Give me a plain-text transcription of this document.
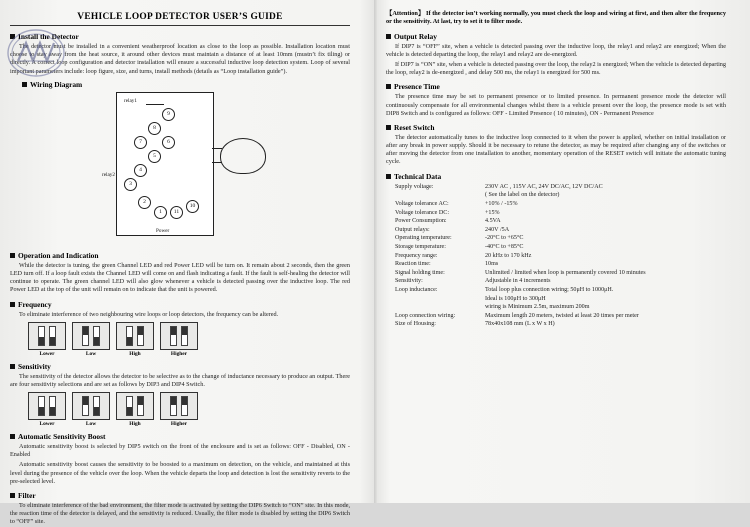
VEHICLE LOOP DETECTOR USER’S GUIDE
Install the Detector

The detector must be installed in a convenient weatherproof location as close to the loop as possible. Installation location must choose to stay away from the heat source, it around other devices must maintain a distance of at least 10mm (mustn’t fix tiling) or directly. A correct loop configuration and detector installation will ensure a successful inductive loop detection system. Loop of several important parameters include: loop figure, size, and turns, install methods (details as “Loop installation guide”).

Wiring Diagram
9
8
7	6
5
4
3
2
1	11
10
relay1
relay2
Power
Operation and Indication

While the detector is tuning, the green Channel LED and red Power LED will be turn on. It remain about 2 seconds, then the green LED turn off. If a loop fault exists the Channel LED will come on and flash indicating a fault. If the fault is self-healing the detector will continue to operate. The green channel LED will also glow whenever a vehicle is detected passing over the inductive loop. The red Power LED at the top of the unit will remain on to indicate that the unit is powered.

Frequency

To eliminate interference of two neighbouring wire loops or loop detectors, the frequency can be altered.

Lower	Low	High	Higher
Sensitivity

The sensitivity of the detector allows the detector to be selective as to the change of inductance necessary to produce an output. There are four sensitivity selections and are set as follows by DIP3 and DIP4 Switch.

Lower	Low	High	Higher
Automatic Sensitivity Boost

Automatic sensitivity boost is selected by DIP5 switch on the front of the enclosure and is set as follows: OFF - Disabled, ON - Enabled

Automatic sensitivity boost causes the sensitivity to be boosted to a maximum on detection, on the vehicle, and maintained at this level during the presence of the vehicle over the loop. When the vehicle departs the loop and detection is lost the sensitivity reverts to the pre-selected level.

Filter

To eliminate interference of the bad environment, the filter mode is activated by setting the DIP6 Switch to “ON” site. In this mode, the reaction time of the detector is delayed, and the sensitivity is reduced. Usually, the filter mode is disabled by setting the DIP6 Switch to “OFF” site.

【Attention】 If the detector isn’t working normally, you must check the loop and wiring at first, and then alter the frequency or the sensitivity. At last, try to set it to filter mode.

Output Relay

If DIP7 is “OFF” site, when a vehicle is detected passing over the inductive loop, the relay1 and relay2 are energized; When the vehicle is detected departing the loop, the relay1 and relay2 are de-energized.

If DIP7 is “ON” site, when a vehicle is detected passing over the loop, the relay2 is energized; When the vehicle is detected departing the loop, relay2 is de-energized , and delay 500 ms, the relay1 is energized for 500 ms.

Presence Time

The presence time may be set to permanent presence or to limited presence. In permanent presence mode the detector will continuously compensate for all environmental changes whilst there is a vehicle present over the loop, the presence mode is set with DIP8 Switch and is configured as follows: OFF - Limited Presence ( 10 minutes), ON - Permanent Presence

Reset Switch

The detector automatically tunes to the inductive loop connected to it when the power is applied, whether on initial installation or after any break in power supply. Should it be necessary to retune the detector, as may be required after changing any of the switches or after moving the detector from one installation to another, momentary operation of the RESET switch will initiate the automatic tuning cycle.

Technical Data
Supply voltage:	230V AC , 115V AC, 24V DC/AC, 12V DC/AC
( See the label on the detector)
Voltage tolerance AC:	+10% / -15%
Voltage tolerance DC:	+15%
Power Consumption:	4.5VA
Output relays:	240V /5A
Operating temperature:	-20°C to +65°C
Storage temperature:	-40°C to +85°C
Frequency range:	20 kHz to 170 kHz
Reaction time:	10ms
Signal holding time:	Unlimited / limited when loop is permanently covered 10 minutes
Sensitivity:	Adjustable in 4 increments
Loop inductance:	Total loop plus connection wiring; 50μH to 1000μH.
Ideal is 100μH to 300μH
wiring is Minimum 2.5m, maximum 200m
Loop connection wiring:	Maximum length 20 meters, twisted at least 20 times per meter
Size of Housing:	78x40x108 mm (L x W x H)
